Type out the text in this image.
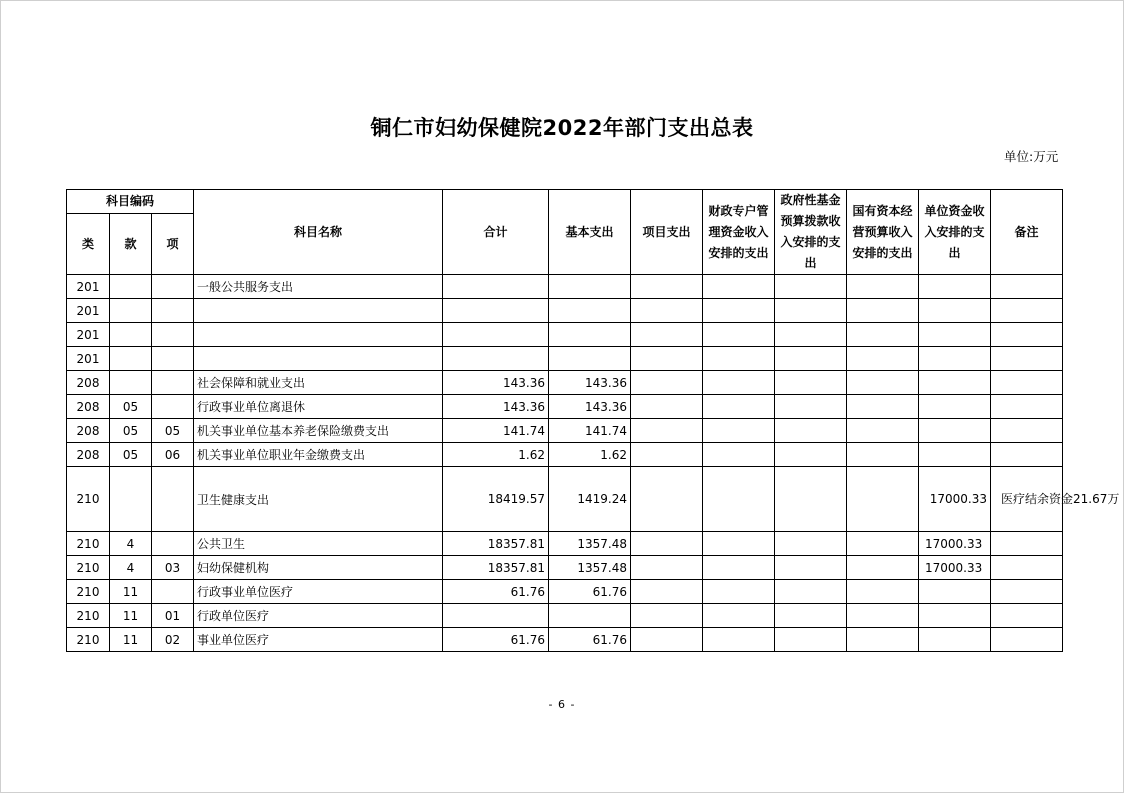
铜仁市妇幼保健院2022年部门支出总表
单位:万元
科目编码			科目名称	合计	基本支出	项目支出	财政专户管理资金收入安排的支出	政府性基金预算拨款收入安排的支出	国有资本经营预算收入安排的支出	单位资金收入安排的支出	备注
类	款	项									
201			一般公共服务支出								
201											
201											
201											
208			社会保障和就业支出	143.36	143.36						
208	05		行政事业单位离退休	143.36	143.36						
208	05	05	机关事业单位基本养老保险缴费支出	141.74	141.74						
208	05	06	机关事业单位职业年金缴费支出	1.62	1.62						
210			卫生健康支出	18419.57	1419.24					17000.33	医疗结余资金21.67万
210	4		公共卫生	18357.81	1357.48					17000.33	
210	4	03	妇幼保健机构	18357.81	1357.48					17000.33	
210	11		行政事业单位医疗	61.76	61.76						
210	11	01	行政单位医疗								
210	11	02	事业单位医疗	61.76	61.76						
- 6 -
